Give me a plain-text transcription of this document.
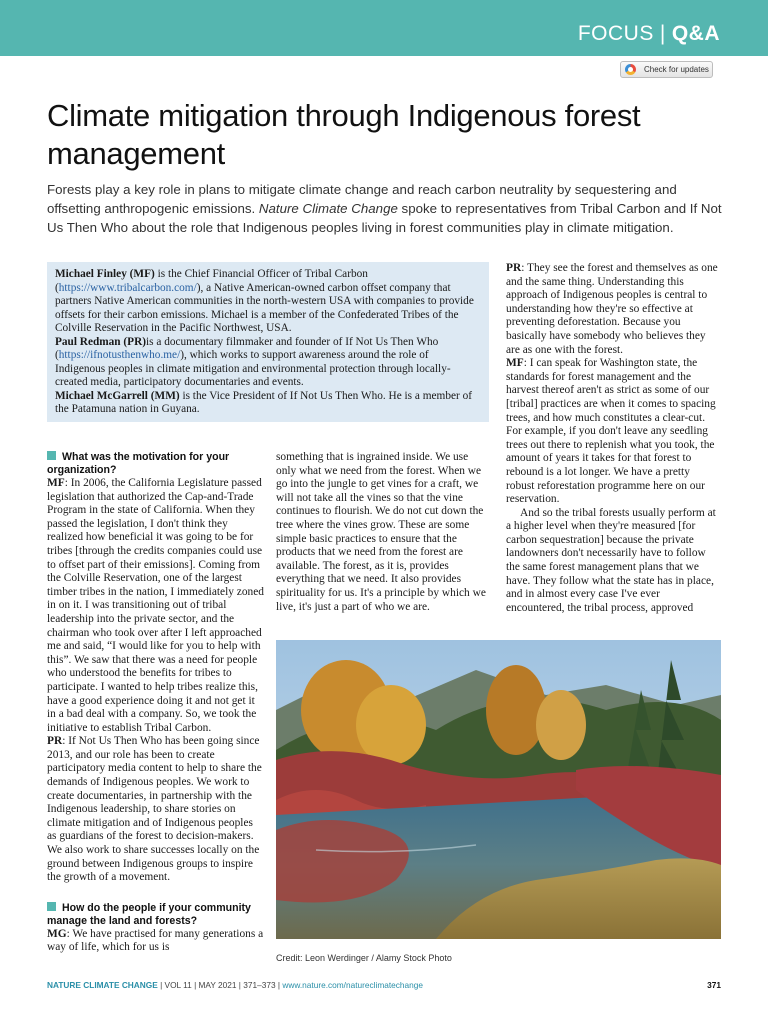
FOCUS | Q&A
Check for updates
Climate mitigation through Indigenous forest management

Forests play a key role in plans to mitigate climate change and reach carbon neutrality by sequestering and offsetting anthropogenic emissions. Nature Climate Change spoke to representatives from Tribal Carbon and If Not Us Then Who about the role that Indigenous peoples living in forest communities play in climate mitigation.

Michael Finley (MF) is the Chief Financial Officer of Tribal Carbon (https://www.tribalcarbon.com/), a Native American-owned carbon offset company that partners Native American communities in the north-western USA with companies to provide offsets for their carbon emissions. Michael is a member of the Confederated Tribes of the Colville Reservation in the Pacific Northwest, USA.

Paul Redman (PR)is a documentary filmmaker and founder of If Not Us Then Who (https://ifnotusthenwho.me/), which works to support awareness around the role of Indigenous peoples in climate mitigation and environmental protection through locally-created media, participatory documentaries and events.

Michael McGarrell (MM) is the Vice President of If Not Us Then Who. He is a member of the Patamuna nation in Guyana.

What was the motivation for your organization?

MF: In 2006, the California Legislature passed legislation that authorized the Cap-and-Trade Program in the state of California. When they passed the legislation, I don't think they realized how beneficial it was going to be for tribes [through the credits companies could use to offset part of their emissions]. Coming from the Colville Reservation, one of the largest timber tribes in the nation, I immediately zoned in on it. I was transitioning out of tribal leadership into the private sector, and the chairman who took over after I left approached me and said, “I would like for you to help with this”. We saw that there was a need for people who understood the benefits for tribes to participate. I wanted to help tribes realize this, have a good experience doing it and not get it in a bad deal with a company. So, we took the initiative to establish Tribal Carbon.

PR: If Not Us Then Who has been going since 2013, and our role has been to create participatory media content to help to share the demands of Indigenous peoples. We work to create documentaries, in partnership with the Indigenous leadership, to share stories on climate mitigation and of Indigenous peoples as guardians of the forest to decision-makers. We also work to share successes locally on the ground between Indigenous groups to inspire the growth of a movement.

How do the people if your community manage the land and forests?

MG: We have practised for many generations a way of life, which for us is

something that is ingrained inside. We use only what we need from the forest. When we go into the jungle to get vines for a craft, we will not take all the vines so that the vine continues to flourish. We do not cut down the tree where the vines grow. These are some simple basic practices to ensure that the products that we need from the forest are available. The forest, as it is, provides everything that we need. It also provides spirituality for us. It's a principle by which we live, it's just a part of who we are.

PR: They see the forest and themselves as one and the same thing. Understanding this approach of Indigenous peoples is central to understanding how they're so effective at preventing deforestation. Because you basically have somebody who believes they are as one with the forest.

MF: I can speak for Washington state, the standards for forest management and the harvest thereof aren't as strict as some of our [tribal] practices are when it comes to spacing trees, and how much constitutes a clear-cut. For example, if you don't leave any seedling trees out there to replenish what you took, the amount of years it takes for that forest to rebound is a lot longer. We have a pretty robust reforestation programme here on our reservation.

And so the tribal forests usually perform at a higher level when they're measured [for carbon sequestration] because the private landowners don't necessarily have to follow the same forest management plans that we have. They follow what the state has in place, and in almost every case I've ever encountered, the tribal process, approved

Credit: Leon Werdinger / Alamy Stock Photo
NATURE CLIMATE CHANGE | VOL 11 | MAY 2021 | 371–373 | www.nature.com/natureclimatechange	371
